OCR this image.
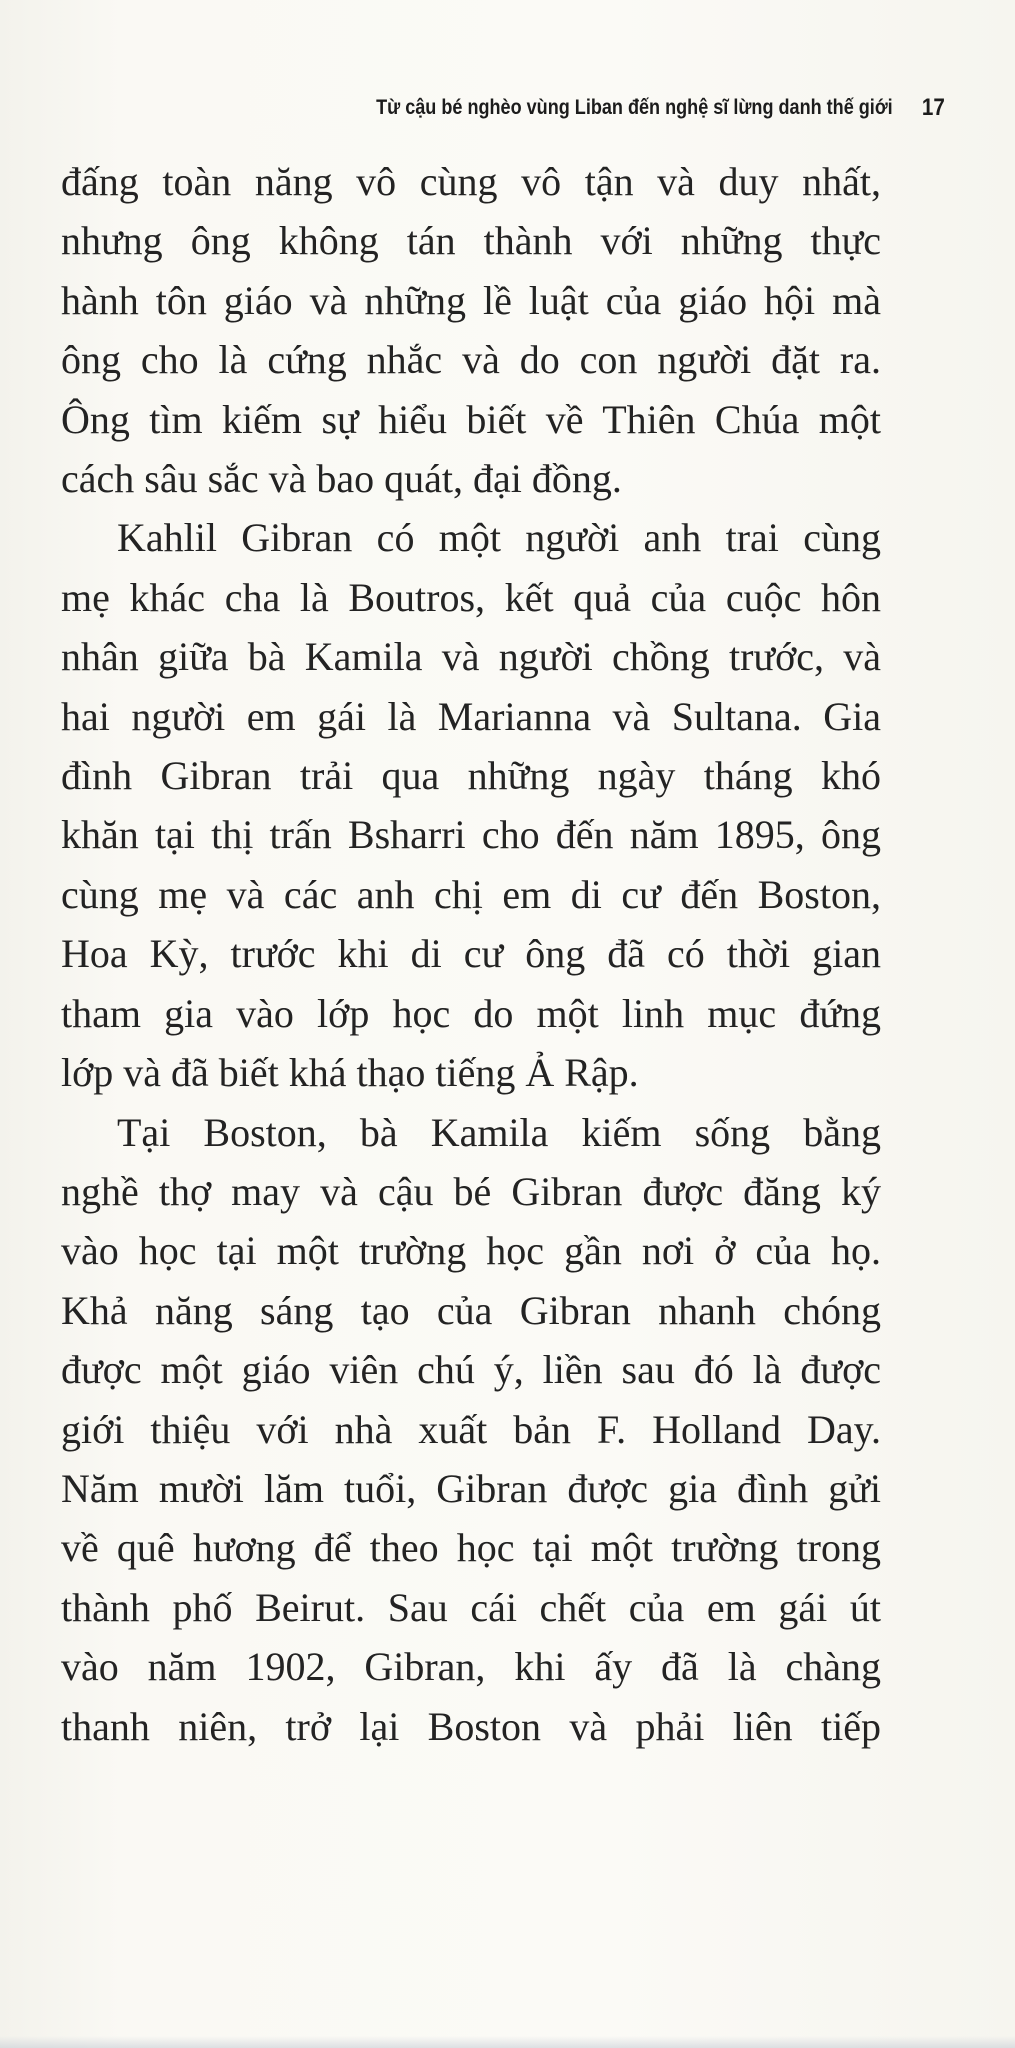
Từ cậu bé nghèo vùng Liban đến nghệ sĩ lừng danh thế giới 17

đấng toàn năng vô cùng vô tận và duy nhất,
nhưng ông không tán thành với những thực
hành tôn giáo và những lề luật của giáo hội mà
ông cho là cứng nhắc và do con người đặt ra.
Ông tìm kiếm sự hiểu biết về Thiên Chúa một
cách sâu sắc và bao quát, đại đồng.

Kahlil Gibran có một người anh trai cùng
mẹ khác cha là Boutros, kết quả của cuộc hôn
nhân giữa bà Kamila và người chồng trước, và
hai người em gái là Marianna và Sultana. Gia
đình Gibran trải qua những ngày tháng khó
khăn tại thị trấn Bsharri cho đến năm 1895, ông
cùng mẹ và các anh chị em di cư đến Boston,
Hoa Kỳ, trước khi di cư ông đã có thời gian
tham gia vào lớp học do một linh mục đứng
lớp và đã biết khá thạo tiếng Ả Rập.

Tại Boston, bà Kamila kiếm sống bằng
nghề thợ may và cậu bé Gibran được đăng ký
vào học tại một trường học gần nơi ở của họ.
Khả năng sáng tạo của Gibran nhanh chóng
được một giáo viên chú ý, liền sau đó là được
giới thiệu với nhà xuất bản F. Holland Day.
Năm mười lăm tuổi, Gibran được gia đình gửi
về quê hương để theo học tại một trường trong
thành phố Beirut. Sau cái chết của em gái út
vào năm 1902, Gibran, khi ấy đã là chàng
thanh niên, trở lại Boston và phải liên tiếp
